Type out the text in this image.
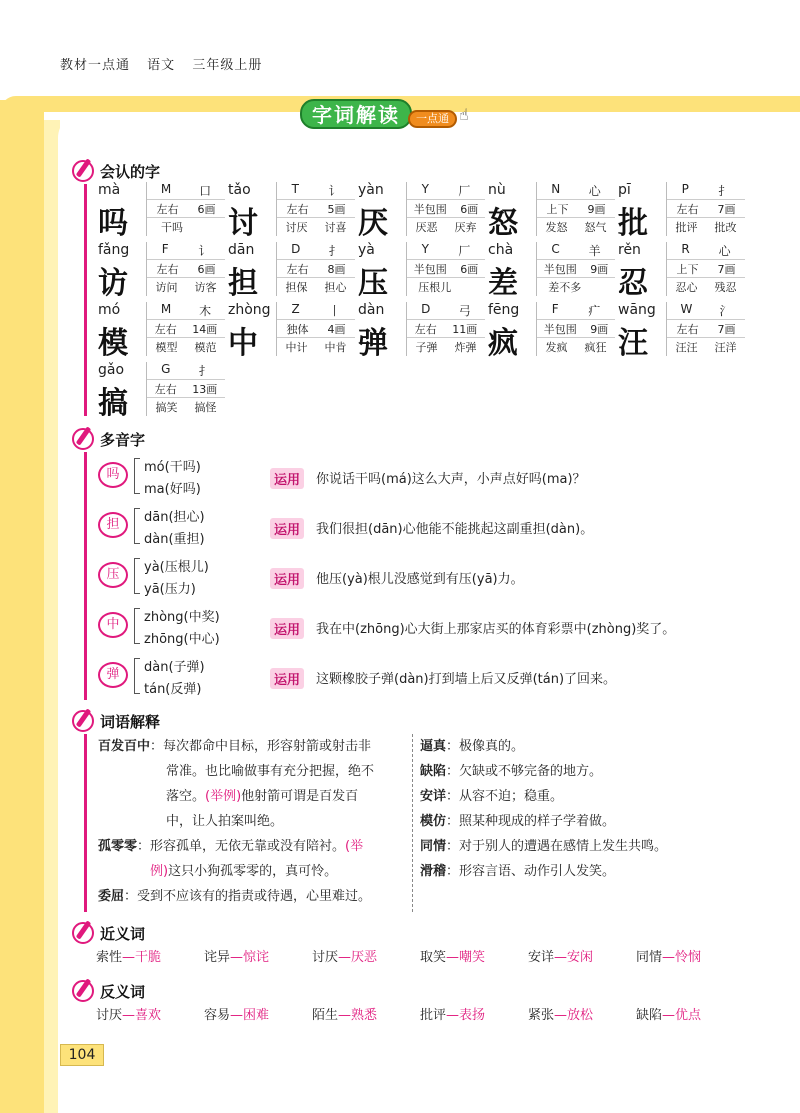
教材一点通 语文 三年级上册
字词解读	一点通 ☝
会认的字
mà
吗
M 口
左右 6画
干吗
tǎo
讨
T 讠
左右 5画
讨厌 讨喜
yàn
厌
Y 厂
半包围 6画
厌恶 厌弃
nù
怒
N 心
上下 9画
发怒 怒气
pī
批
P 扌
左右 7画
批评 批改
fǎng
访
F 讠
左右 6画
访问 访客
dān
担
D 扌
左右 8画
担保 担心
yà
压
Y 厂
半包围 6画
压根儿
chà
差
C 羊
半包围 9画
差不多
rěn
忍
R 心
上下 7画
忍心 残忍
mó
模
M 木
左右 14画
模型 模范
zhòng
中
Z 丨
独体 4画
中计 中肯
dàn
弹
D 弓
左右 11画
子弹 炸弹
fēng
疯
F 疒
半包围 9画
发疯 疯狂
wāng
汪
W 氵
左右 7画
汪汪 汪洋
gǎo
搞
G 扌
左右 13画
搞笑 搞怪
多音字
吗	mó(干吗)
ma(好吗)
运用	你说话干吗(má)这么大声，小声点好吗(ma)？
担	dān(担心)
dàn(重担)
运用	我们很担(dān)心他能不能挑起这副重担(dàn)。
压	yà(压根儿)
yā(压力)
运用	他压(yà)根儿没感觉到有压(yā)力。
中	zhòng(中奖)
zhōng(中心)
运用	我在中(zhōng)心大街上那家店买的体育彩票中(zhòng)奖了。
弹	dàn(子弹)
tán(反弹)
运用	这颗橡胶子弹(dàn)打到墙上后又反弹(tán)了回来。
词语解释
百发百中：每次都命中目标，形容射箭或射击非
常准。也比喻做事有充分把握，绝不
落空。(举例)他射箭可谓是百发百
中，让人拍案叫绝。
孤零零：形容孤单，无依无靠或没有陪衬。(举
例)这只小狗孤零零的，真可怜。
委屈：受到不应该有的指责或待遇，心里难过。
逼真：极像真的。
缺陷：欠缺或不够完备的地方。
安详：从容不迫；稳重。
模仿：照某种现成的样子学着做。
同情：对于别人的遭遇在感情上发生共鸣。
滑稽：形容言语、动作引人发笑。
近义词
索性—干脆	诧异—惊诧	讨厌—厌恶	取笑—嘲笑	安详—安闲	同情—怜悯
反义词
讨厌—喜欢	容易—困难	陌生—熟悉	批评—表扬	紧张—放松	缺陷—优点
104
